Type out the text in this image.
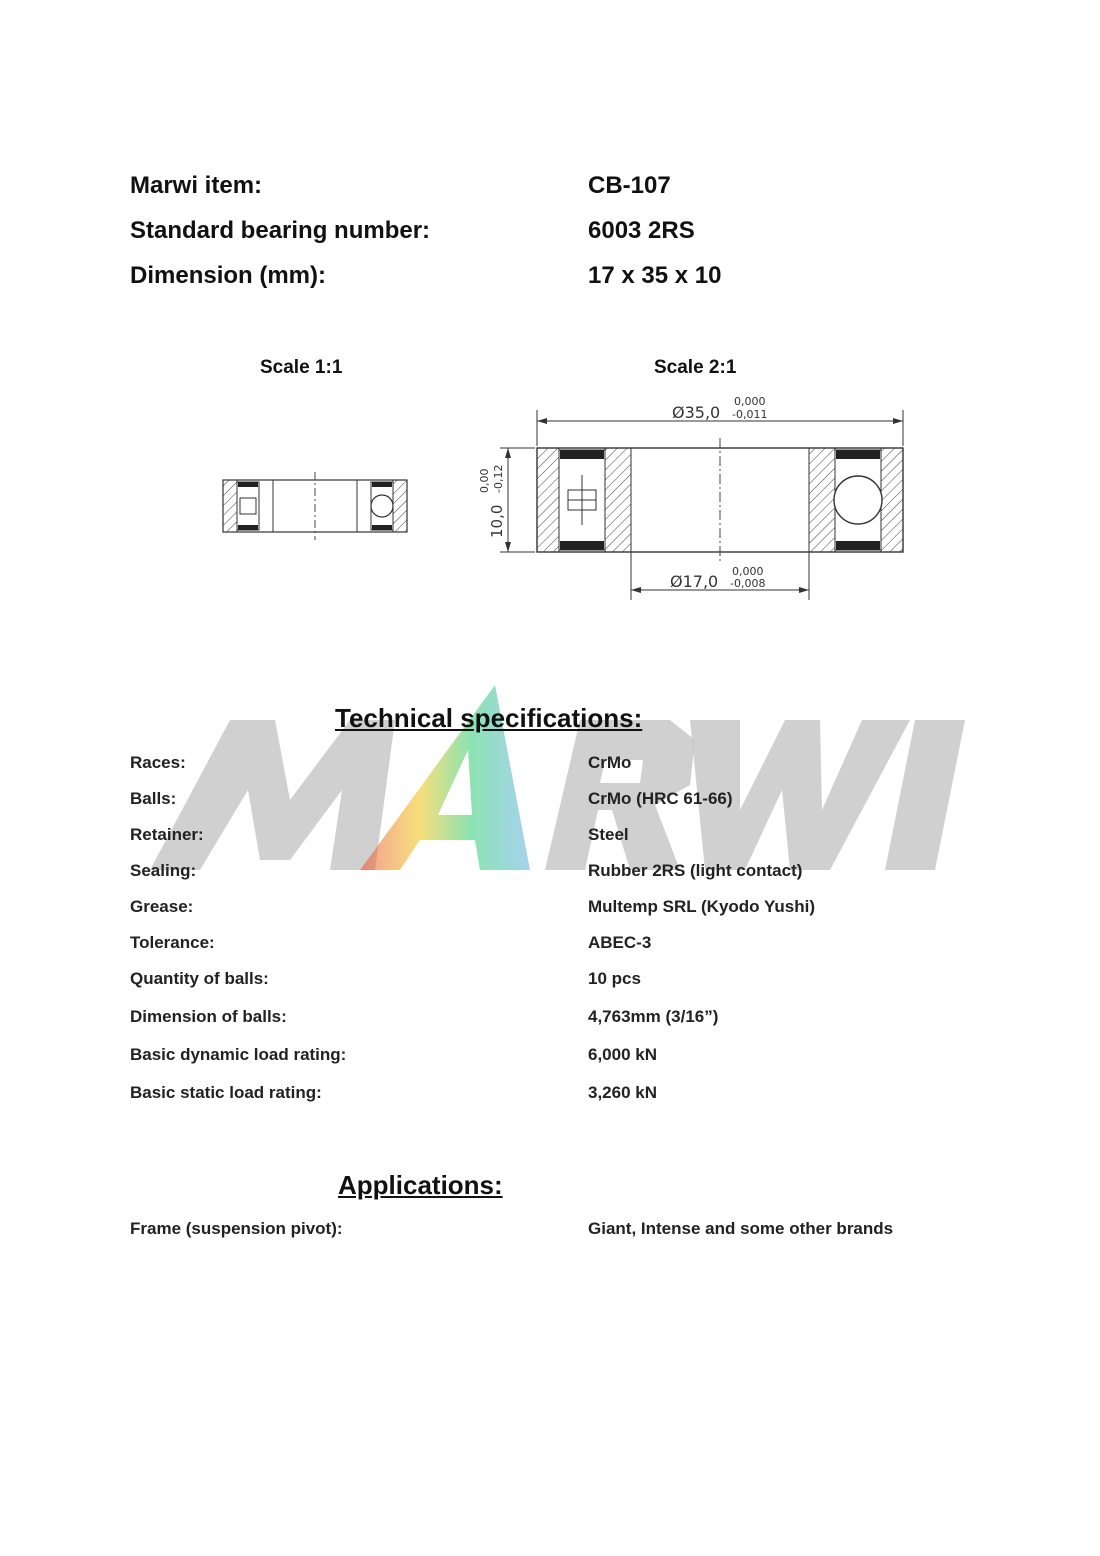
Marwi item:	CB-107
Standard bearing number:	6003 2RS
Dimension (mm):	17 x 35 x 10
Scale 1:1	Scale 2:1
Ø35,0
0,000
-0,011
10,0
0,00 -0,12
Ø17,0
0,000
-0,008
Technical specifications:
Races:	CrMo
Balls:	CrMo (HRC 61-66)
Retainer:	Steel
Sealing:	Rubber 2RS (light contact)
Grease:	Multemp SRL (Kyodo Yushi)
Tolerance:	ABEC-3
Quantity of balls:	10 pcs
Dimension of balls:	4,763mm (3/16”)
Basic dynamic load rating:	6,000 kN
Basic static load rating:	3,260 kN
Applications:
Frame (suspension pivot):	Giant, Intense and some other brands
